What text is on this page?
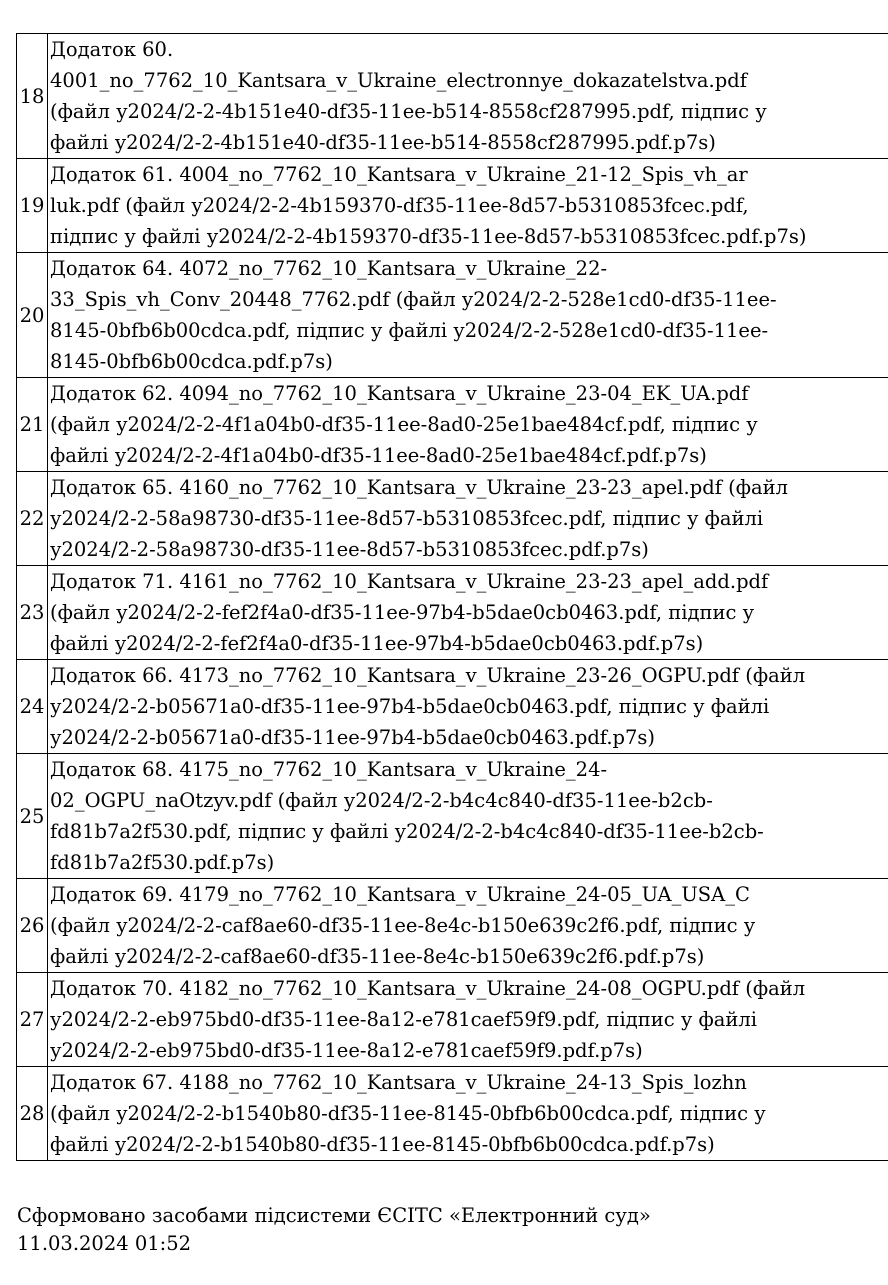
18	Додаток 60.
4001_no_7762_10_Kantsara_v_Ukraine_electronnye_dokazatelstva.pdf
(файл у2024/2-2-4b151e40-df35-11ee-b514-8558cf287995.pdf, підпис у
файлі у2024/2-2-4b151e40-df35-11ee-b514-8558cf287995.pdf.p7s)

19	Додаток 61. 4004_no_7762_10_Kantsara_v_Ukraine_21-12_Spis_vh_ar
luk.pdf (файл у2024/2-2-4b159370-df35-11ee-8d57-b5310853fcec.pdf,
підпис у файлі у2024/2-2-4b159370-df35-11ee-8d57-b5310853fcec.pdf.p7s)

20	Додаток 64. 4072_no_7762_10_Kantsara_v_Ukraine_22-
33_Spis_vh_Conv_20448_7762.pdf (файл у2024/2-2-528e1cd0-df35-11ee-
8145-0bfb6b00cdca.pdf, підпис у файлі у2024/2-2-528e1cd0-df35-11ee-
8145-0bfb6b00cdca.pdf.p7s)

21	Додаток 62. 4094_no_7762_10_Kantsara_v_Ukraine_23-04_EK_UA.pdf
(файл у2024/2-2-4f1a04b0-df35-11ee-8ad0-25e1bae484cf.pdf, підпис у
файлі у2024/2-2-4f1a04b0-df35-11ee-8ad0-25e1bae484cf.pdf.p7s)

22	Додаток 65. 4160_no_7762_10_Kantsara_v_Ukraine_23-23_apel.pdf (файл
у2024/2-2-58a98730-df35-11ee-8d57-b5310853fcec.pdf, підпис у файлі
у2024/2-2-58a98730-df35-11ee-8d57-b5310853fcec.pdf.p7s)

23	Додаток 71. 4161_no_7762_10_Kantsara_v_Ukraine_23-23_apel_add.pdf
(файл у2024/2-2-fef2f4a0-df35-11ee-97b4-b5dae0cb0463.pdf, підпис у
файлі у2024/2-2-fef2f4a0-df35-11ee-97b4-b5dae0cb0463.pdf.p7s)

24	Додаток 66. 4173_no_7762_10_Kantsara_v_Ukraine_23-26_OGPU.pdf (файл
у2024/2-2-b05671a0-df35-11ee-97b4-b5dae0cb0463.pdf, підпис у файлі
у2024/2-2-b05671a0-df35-11ee-97b4-b5dae0cb0463.pdf.p7s)

25	Додаток 68. 4175_no_7762_10_Kantsara_v_Ukraine_24-
02_OGPU_naOtzyv.pdf (файл у2024/2-2-b4c4c840-df35-11ee-b2cb-
fd81b7a2f530.pdf, підпис у файлі у2024/2-2-b4c4c840-df35-11ee-b2cb-
fd81b7a2f530.pdf.p7s)

26	Додаток 69. 4179_no_7762_10_Kantsara_v_Ukraine_24-05_UA_USA_C
(файл у2024/2-2-caf8ae60-df35-11ee-8e4c-b150e639c2f6.pdf, підпис у
файлі у2024/2-2-caf8ae60-df35-11ee-8e4c-b150e639c2f6.pdf.p7s)

27	Додаток 70. 4182_no_7762_10_Kantsara_v_Ukraine_24-08_OGPU.pdf (файл
у2024/2-2-eb975bd0-df35-11ee-8a12-e781caef59f9.pdf, підпис у файлі
у2024/2-2-eb975bd0-df35-11ee-8a12-e781caef59f9.pdf.p7s)

28	Додаток 67. 4188_no_7762_10_Kantsara_v_Ukraine_24-13_Spis_lozhn
(файл у2024/2-2-b1540b80-df35-11ee-8145-0bfb6b00cdca.pdf, підпис у
файлі у2024/2-2-b1540b80-df35-11ee-8145-0bfb6b00cdca.pdf.p7s)
Сформовано засобами підсистеми ЄСІТС «Електронний суд»
11.03.2024 01:52
